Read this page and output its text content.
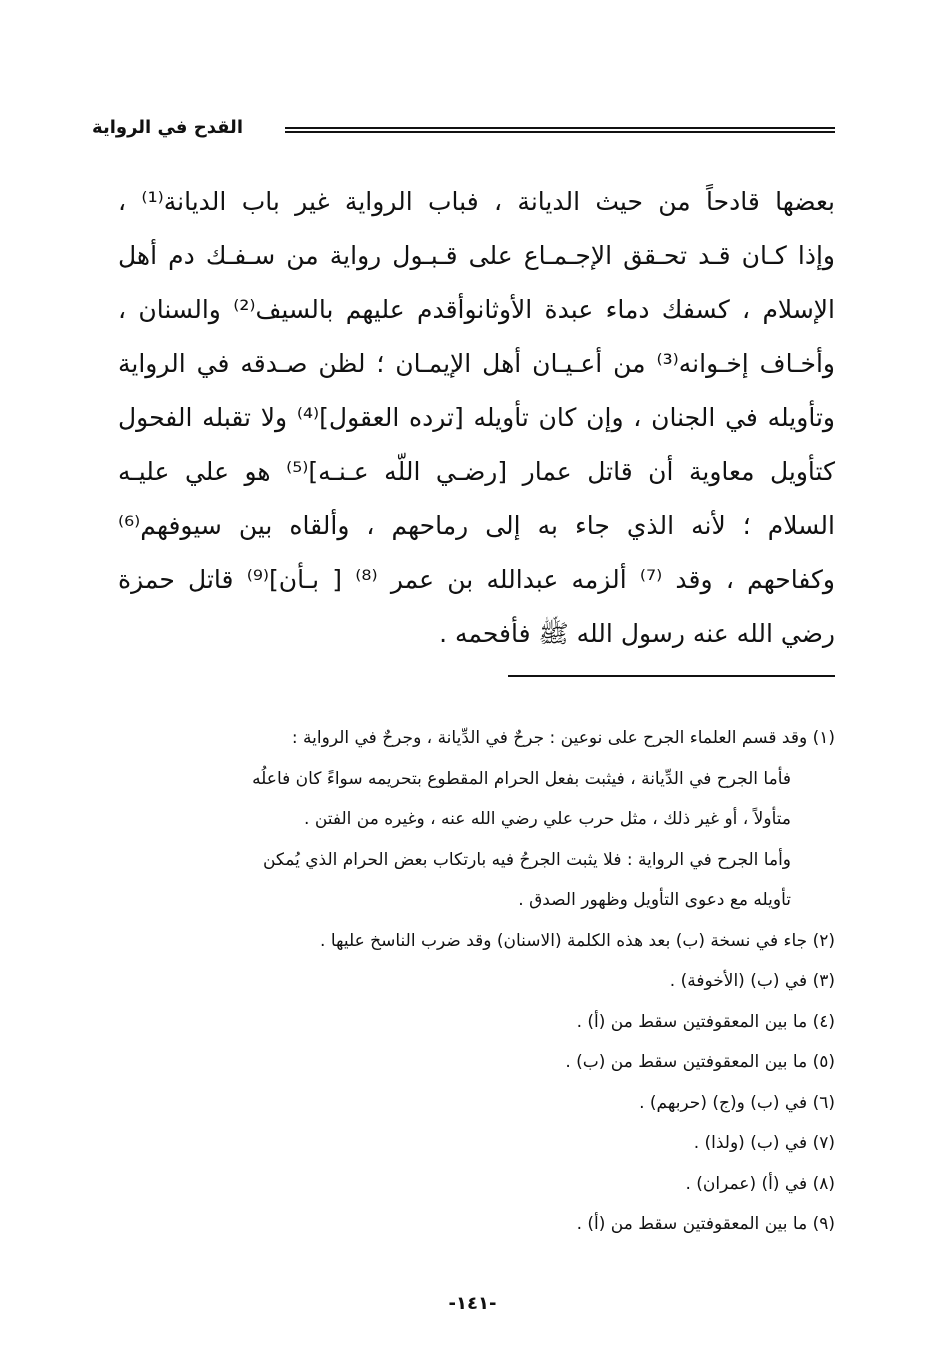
القدح في الرواية
بعضها قادحاً من حيث الديانة ، فباب الرواية غير باب الديانة⁽¹⁾ ،
وإذا كـان قـد تحـقق الإجـمـاع على قـبـول رواية من سـفـك دم أهل
الإسلام ، كسفك دماء عبدة الأوثانوأقدم عليهم بالسيف⁽²⁾ والسنان ،
وأخـاف إخـوانه⁽³⁾ من أعـيـان أهل الإيمـان ؛ لظن صـدقه في الرواية
وتأويله في الجنان ، وإن كان تأويله [ترده العقول]⁽⁴⁾ ولا تقبله الفحول
كتأويل معاوية أن قاتل عمار [رضـي اللّه عـنـه]⁽⁵⁾ هو علي عليـه
السلام ؛ لأنه الذي جاء به إلى رماحهم ، وألقاه بين سيوفهم⁽⁶⁾
وكفاحهم ، وقد ⁽⁷⁾ ألزمه عبدالله بن عمر ⁽⁸⁾ [ بـأن]⁽⁹⁾ قاتل حمزة
رضي الله عنه رسول الله ﷺ فأفحمه .
(١) وقد قسم العلماء الجرح على نوعين : جرحٌ في الدِّيانة ، وجرحٌ في الرواية :
فأما الجرح في الدِّيانة ، فيثبت بفعل الحرام المقطوع بتحريمه سواءً كان فاعلُه
متأولاً ، أو غير ذلك ، مثل حرب علي رضي الله عنه ، وغيره من الفتن .
وأما الجرح في الرواية : فلا يثبت الجرحُ فيه بارتكاب بعض الحرام الذي يُمكن
تأويله مع دعوى التأويل وظهور الصدق .
(٢) جاء في نسخة (ب) بعد هذه الكلمة (الاسنان) وقد ضرب الناسخ عليها .
(٣) في (ب) (الأخوفة) .
(٤) ما بين المعقوفتين سقط من (أ) .
(٥) ما بين المعقوفتين سقط من (ب) .
(٦) في (ب) و(ج) (حربهم) .
(٧) في (ب) (ولذا) .
(٨) في (أ) (عمران) .
(٩) ما بين المعقوفتين سقط من (أ) .
-١٤١-
